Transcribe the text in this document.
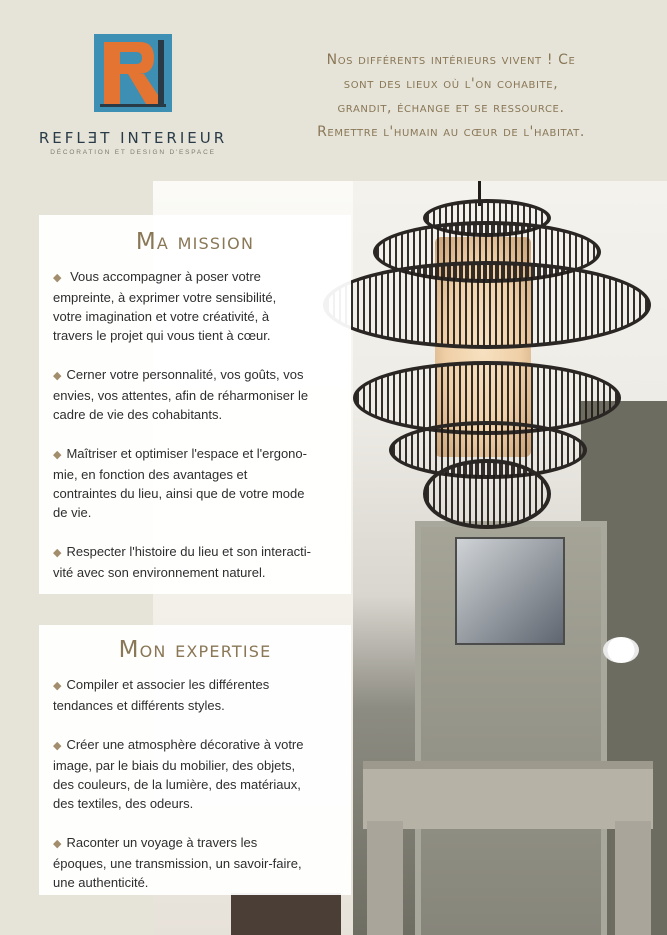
REFLƎT INTERIEUR
DÉCORATION ET DESIGN D'ESPACE
Nos différents intérieurs vivent ! Ce
sont des lieux où l'on cohabite,
grandit, échange et se ressource.
Remettre l'humain au cœur de l'habitat.
Ma mission
◆ Vous accompagner à poser votre
empreinte, à exprimer votre sensibilité,
votre imagination et votre créativité, à
travers le projet qui vous tient à cœur.
◆ Cerner votre personnalité, vos goûts, vos
envies, vos attentes, afin de réharmoniser le
cadre de vie des cohabitants.
◆ Maîtriser et optimiser l'espace et l'ergono-
mie, en fonction des avantages et
contraintes du lieu, ainsi que de votre mode
de vie.
◆ Respecter l'histoire du lieu et son interacti-
vité avec son environnement naturel.
Mon expertise
◆ Compiler et associer les différentes
tendances et différents styles.
◆ Créer une atmosphère décorative à votre
image, par le biais du mobilier, des objets,
des couleurs, de la lumière, des matériaux,
des textiles, des odeurs.
◆ Raconter un voyage à travers les
époques, une transmission, un savoir-faire,
une authenticité.
